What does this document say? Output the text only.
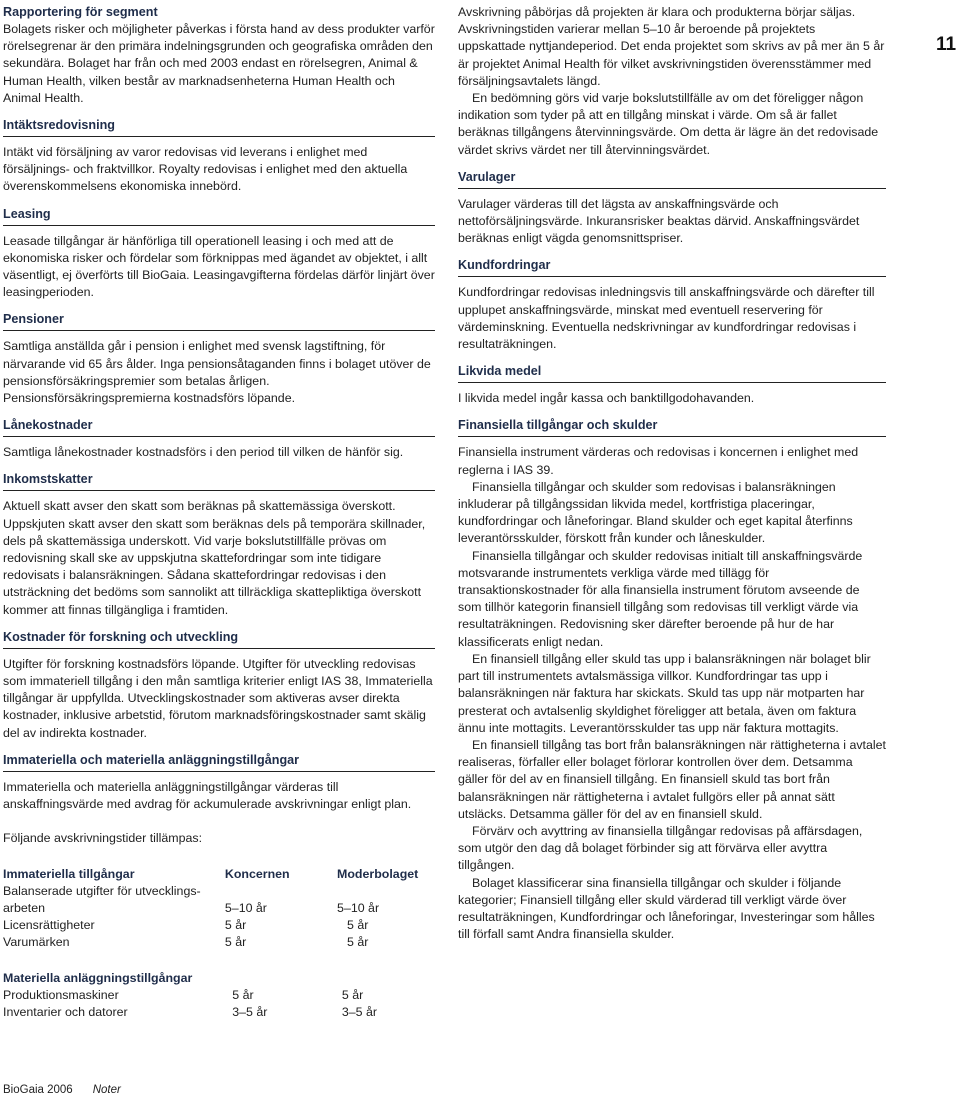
11
Rapportering för segment

Bolagets risker och möjligheter påverkas i första hand av dess produkter varför rörelsegrenar är den primära indelningsgrunden och geografiska områden den sekundära. Bolaget har från och med 2003 endast en rörelsegren, Animal & Human Health, vilken består av marknadsenheterna Human Health och Animal Health.

Intäktsredovisning

Intäkt vid försäljning av varor redovisas vid leverans i enlighet med försäljnings- och fraktvillkor. Royalty redovisas i enlighet med den aktuella överenskommelsens ekonomiska innebörd.

Leasing

Leasade tillgångar är hänförliga till operationell leasing i och med att de ekonomiska risker och fördelar som förknippas med ägandet av objektet, i allt väsentligt, ej överförts till BioGaia. Leasingavgifterna fördelas därför linjärt över leasingperioden.

Pensioner

Samtliga anställda går i pension i enlighet med svensk lagstiftning, för närvarande vid 65 års ålder. Inga pensionsåtaganden finns i bolaget utöver de pensionsförsäkringspremier som betalas årligen. Pensionsförsäkringspremierna kostnadsförs löpande.

Lånekostnader

Samtliga lånekostnader kostnadsförs i den period till vilken de hänför sig.

Inkomstskatter

Aktuell skatt avser den skatt som beräknas på skattemässiga överskott. Uppskjuten skatt avser den skatt som beräknas dels på temporära skillnader, dels på skattemässiga underskott. Vid varje bokslutstillfälle prövas om redovisning skall ske av uppskjutna skattefordringar som inte tidigare redovisats i balansräkningen. Sådana skattefordringar redovisas i den utsträckning det bedöms som sannolikt att tillräckliga skattepliktiga överskott kommer att finnas tillgängliga i framtiden.

Kostnader för forskning och utveckling

Utgifter för forskning kostnadsförs löpande. Utgifter för utveckling redovisas som immateriell tillgång i den mån samtliga kriterier enligt IAS 38, Immateriella tillgångar är uppfyllda. Utvecklingskostnader som aktiveras avser direkta kostnader, inklusive arbetstid, förutom marknadsföringskostnader samt skälig del av indirekta kostnader.

Immateriella och materiella anläggningstillgångar

Immateriella och materiella anläggningstillgångar värderas till anskaffningsvärde med avdrag för ackumulerade avskrivningar enligt plan.

Följande avskrivningstider tillämpas:

Immateriella tillgångar	Koncernen	Moderbolaget
Balanserade utgifter för utvecklings-		
arbeten	5–10 år	5–10 år
Licensrättigheter	5 år	5 år
Varumärken	5 år	5 år
Materiella anläggningstillgångar		
Produktionsmaskiner	5 år	5 år
Inventarier och datorer	3–5 år	3–5 år

Avskrivning påbörjas då projekten är klara och produkterna börjar säljas. Avskrivningstiden varierar mellan 5–10 år beroende på projektets uppskattade nyttjandeperiod. Det enda projektet som skrivs av på mer än 5 år är projektet Animal Health för vilket avskrivningstiden överensstämmer med försäljningsavtalets längd.

En bedömning görs vid varje bokslutstillfälle av om det föreligger någon indikation som tyder på att en tillgång minskat i värde. Om så är fallet beräknas tillgångens återvinningsvärde. Om detta är lägre än det redovisade värdet skrivs värdet ner till återvinningsvärdet.

Varulager

Varulager värderas till det lägsta av anskaffningsvärde och nettoförsäljningsvärde. Inkuransrisker beaktas därvid. Anskaffningsvärdet beräknas enligt vägda genomsnittspriser.

Kundfordringar

Kundfordringar redovisas inledningsvis till anskaffningsvärde och därefter till upplupet anskaffningsvärde, minskat med eventuell reservering för värdeminskning. Eventuella nedskrivningar av kundfordringar redovisas i resultaträkningen.

Likvida medel

I likvida medel ingår kassa och banktillgodohavanden.

Finansiella tillgångar och skulder

Finansiella instrument värderas och redovisas i koncernen i enlighet med reglerna i IAS 39.

Finansiella tillgångar och skulder som redovisas i balansräkningen inkluderar på tillgångssidan likvida medel, kortfristiga placeringar, kundfordringar och låneforingar. Bland skulder och eget kapital återfinns leverantörsskulder, förskott från kunder och låneskulder.

Finansiella tillgångar och skulder redovisas initialt till anskaffningsvärde motsvarande instrumentets verkliga värde med tillägg för transaktionskostnader för alla finansiella instrument förutom avseende de som tillhör kategorin finansiell tillgång som redovisas till verkligt värde via resultaträkningen. Redovisning sker därefter beroende på hur de har klassificerats enligt nedan.

En finansiell tillgång eller skuld tas upp i balansräkningen när bolaget blir part till instrumentets avtalsmässiga villkor. Kundfordringar tas upp i balansräkningen när faktura har skickats. Skuld tas upp när motparten har presterat och avtalsenlig skyldighet föreligger att betala, även om faktura ännu inte mottagits. Leverantörsskulder tas upp när faktura mottagits.

En finansiell tillgång tas bort från balansräkningen när rättigheterna i avtalet realiseras, förfaller eller bolaget förlorar kontrollen över dem. Detsamma gäller för del av en finansiell tillgång. En finansiell skuld tas bort från balansräkningen när rättigheterna i avtalet fullgörs eller på annat sätt utsläcks. Detsamma gäller för del av en finansiell skuld.

Förvärv och avyttring av finansiella tillgångar redovisas på affärsdagen, som utgör den dag då bolaget förbinder sig att förvärva eller avyttra tillgången.

Bolaget klassificerar sina finansiella tillgångar och skulder i följande kategorier; Finansiell tillgång eller skuld värderad till verkligt värde över resultaträkningen, Kundfordringar och låneforingar, Investeringar som hålles till förfall samt Andra finansiella skulder.

BioGaia 2006 Noter
